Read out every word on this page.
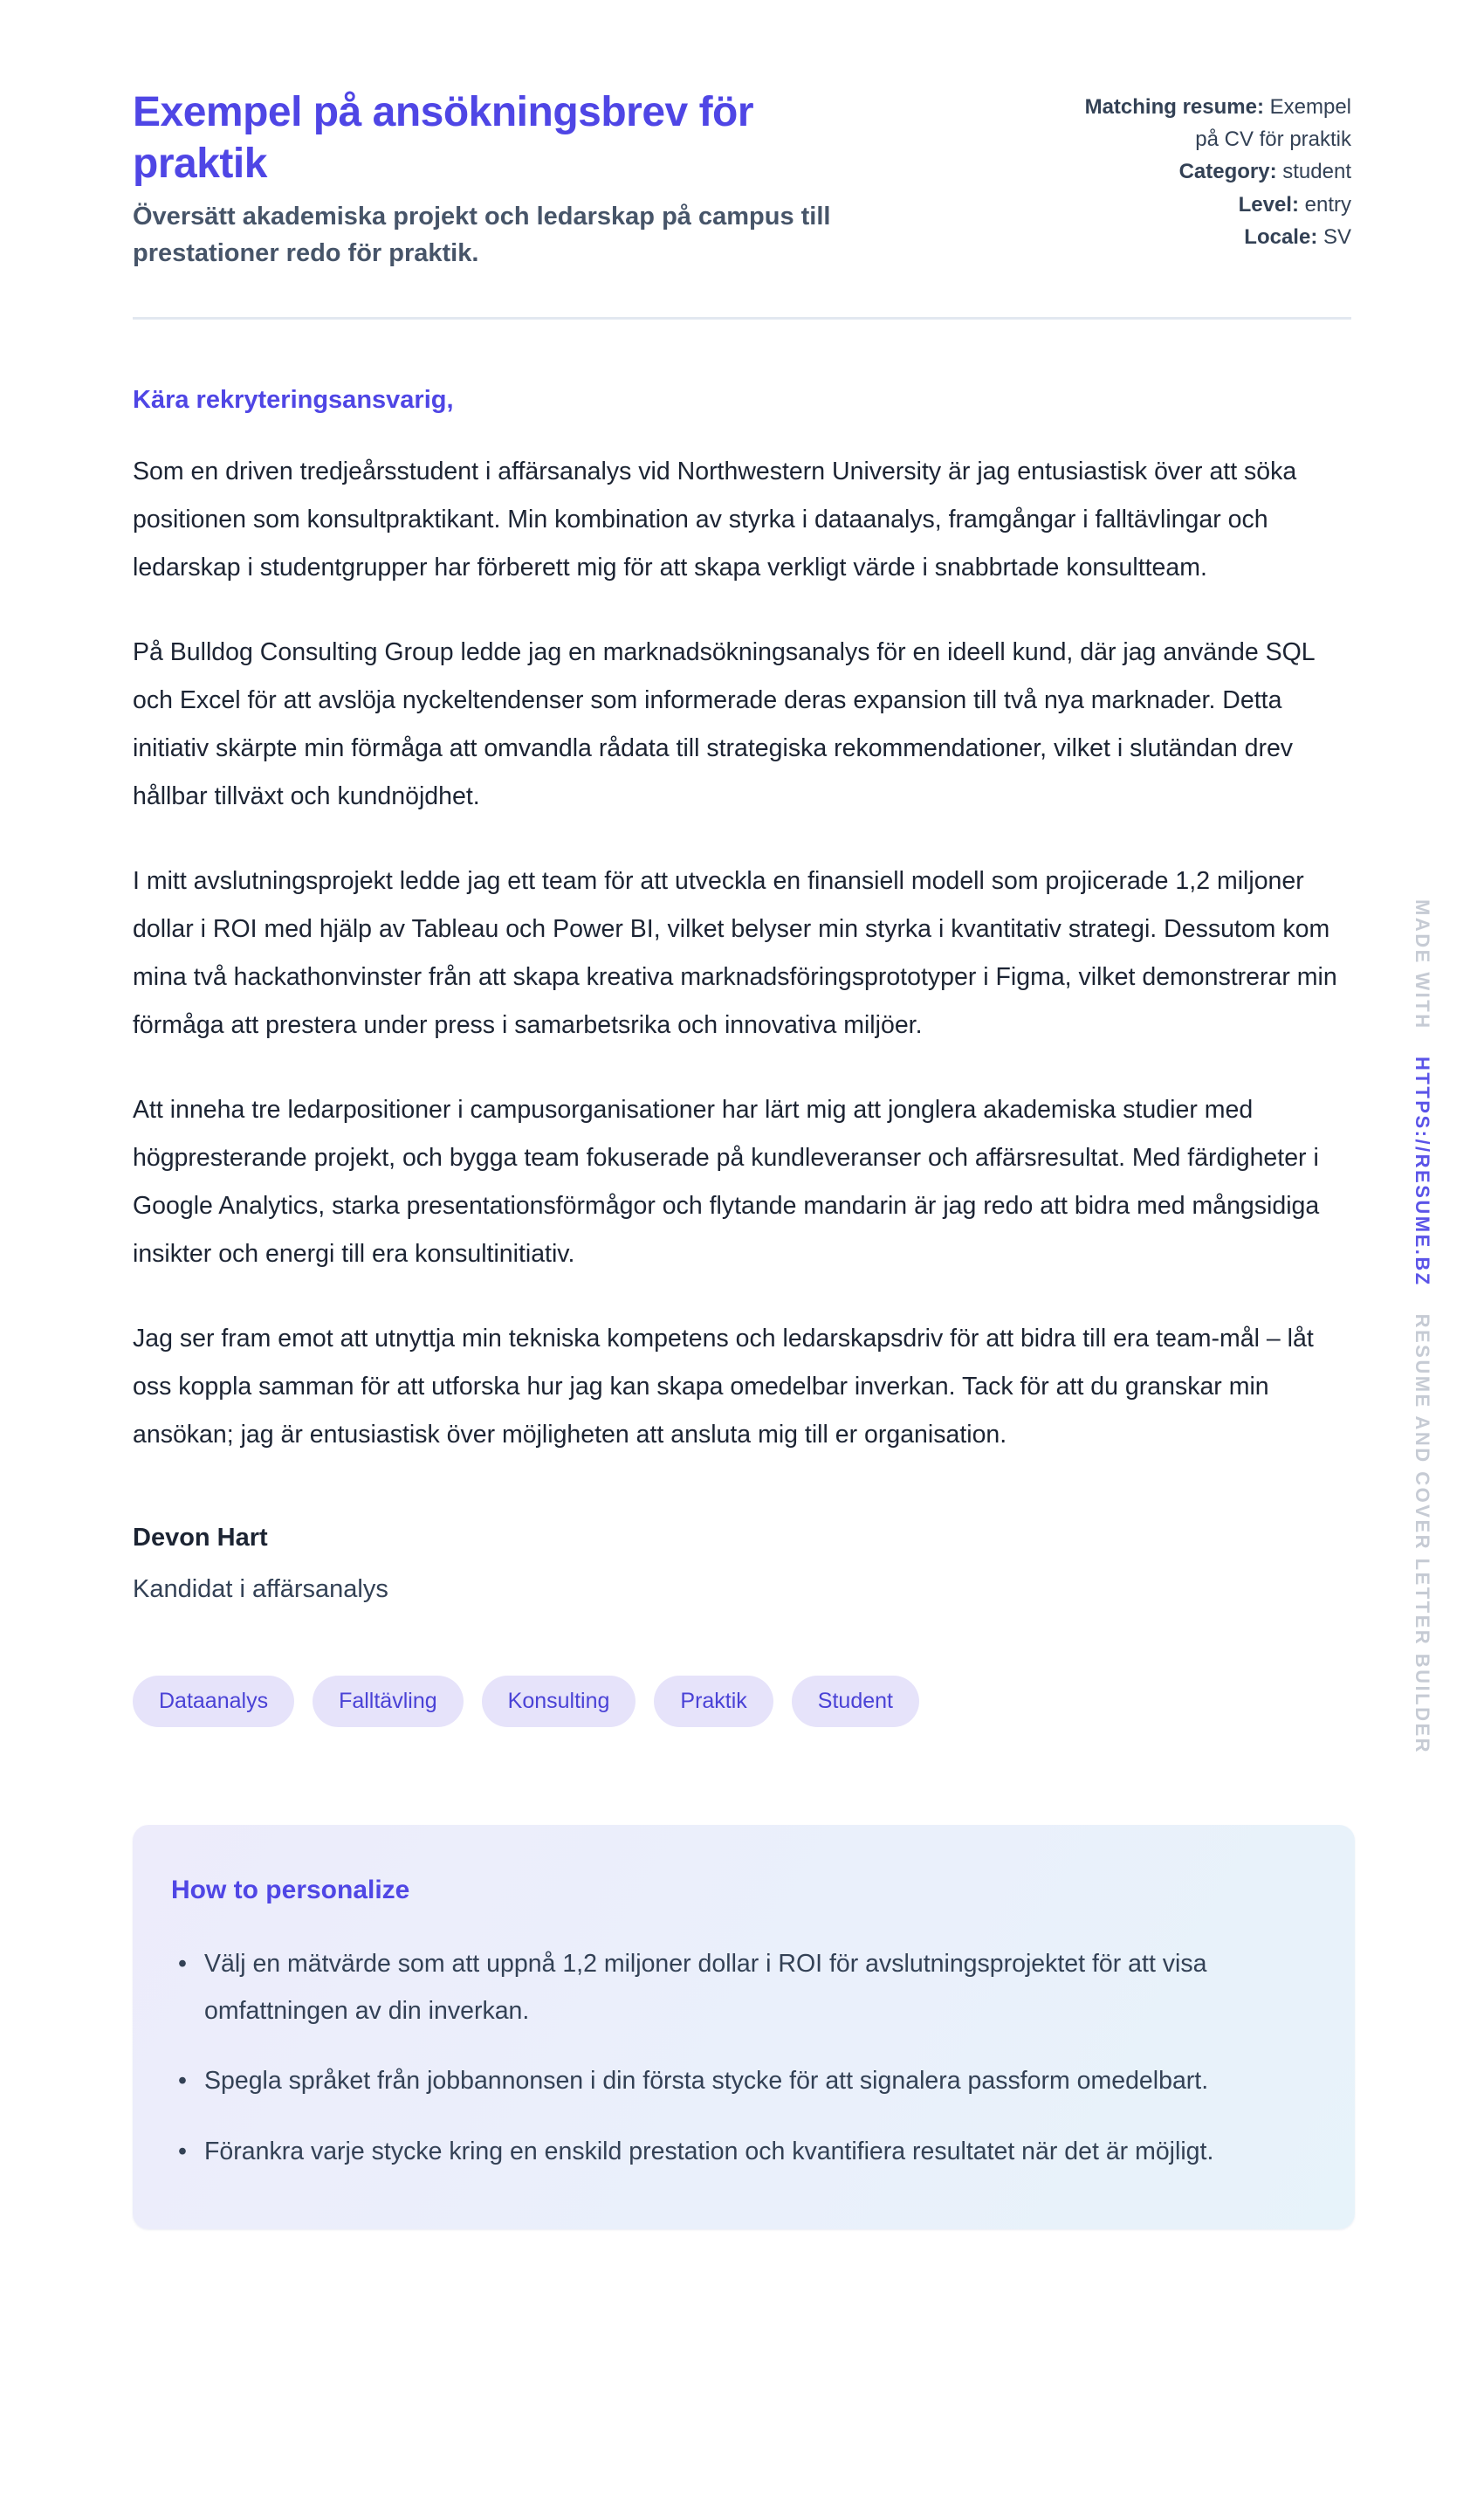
Exempel på ansökningsbrev för praktik
Översätt akademiska projekt och ledarskap på campus till prestationer redo för praktik.
Matching resume: Exempel på CV för praktik
Category: student
Level: entry
Locale: SV
Kära rekryteringsansvarig,

Som en driven tredjeårsstudent i affärsanalys vid Northwestern University är jag entusiastisk över att söka positionen som konsultpraktikant. Min kombination av styrka i dataanalys, framgångar i falltävlingar och ledarskap i studentgrupper har förberett mig för att skapa verkligt värde i snabbrtade konsultteam.

På Bulldog Consulting Group ledde jag en marknadsökningsanalys för en ideell kund, där jag använde SQL och Excel för att avslöja nyckeltendenser som informerade deras expansion till två nya marknader. Detta initiativ skärpte min förmåga att omvandla rådata till strategiska rekommendationer, vilket i slutändan drev hållbar tillväxt och kundnöjdhet.

I mitt avslutningsprojekt ledde jag ett team för att utveckla en finansiell modell som projicerade 1,2 miljoner dollar i ROI med hjälp av Tableau och Power BI, vilket belyser min styrka i kvantitativ strategi. Dessutom kom mina två hackathonvinster från att skapa kreativa marknadsföringsprototyper i Figma, vilket demonstrerar min förmåga att prestera under press i samarbetsrika och innovativa miljöer.

Att inneha tre ledarpositioner i campusorganisationer har lärt mig att jonglera akademiska studier med högpresterande projekt, och bygga team fokuserade på kundleveranser och affärsresultat. Med färdigheter i Google Analytics, starka presentationsförmågor och flytande mandarin är jag redo att bidra med mångsidiga insikter och energi till era konsultinitiativ.

Jag ser fram emot att utnyttja min tekniska kompetens och ledarskapsdriv för att bidra till era team-mål – låt oss koppla samman för att utforska hur jag kan skapa omedelbar inverkan. Tack för att du granskar min ansökan; jag är entusiastisk över möjligheten att ansluta mig till er organisation.

Devon Hart
Kandidat i affärsanalys
Dataanalys	Falltävling	Konsulting	Praktik	Student
How to personalize
• Välj en mätvärde som att uppnå 1,2 miljoner dollar i ROI för avslutningsprojektet för att visa omfattningen av din inverkan.
• Spegla språket från jobbannonsen i din första stycke för att signalera passform omedelbart.
• Förankra varje stycke kring en enskild prestation och kvantifiera resultatet när det är möjligt.
MADE WITH HTTPS://RESUME.BZ RESUME AND COVER LETTER BUILDER
